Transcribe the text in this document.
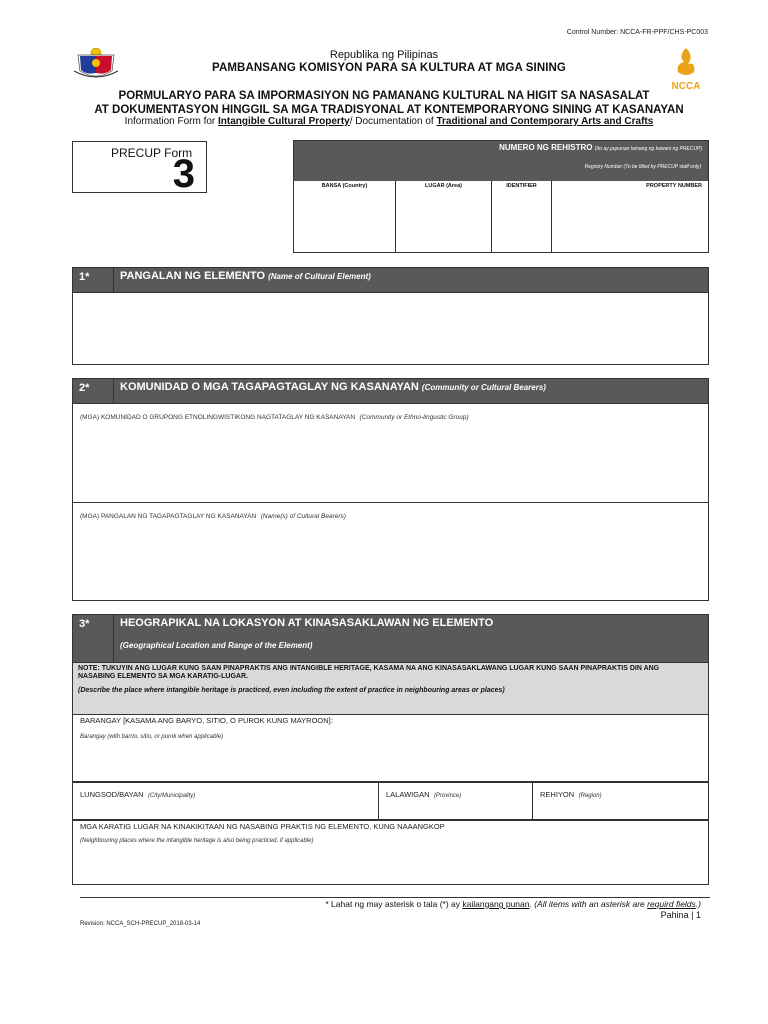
Control Number: NCCA-FR-PPF/CHS-PC003
Republika ng Pilipinas
PAMBANSANG KOMISYON PARA SA KULTURA AT MGA SINING
NCCA
PORMULARYO PARA SA IMPORMASIYON NG PAMANANG KULTURAL NA HIGIT SA NASASALAT
AT DOKUMENTASYON HINGGIL SA MGA TRADISYONAL AT KONTEMPORARYONG SINING AT KASANAYAN
Information Form for Intangible Cultural Property/ Documentation of Traditional and Contemporary Arts and Crafts
PRECUP Form
3
NUMERO NG REHISTRO (Ito ay pupunan lamang ng kawani ng PRECUP)
Registry Number (To be filled by PRECUP staff only)
BANSA (Country)	LUGAR (Area)	IDENTIFIER	PROPERTY NUMBER
1*	PANGALAN NG ELEMENTO (Name of Cultural Element)
2*	KOMUNIDAD O MGA TAGAPAGTAGLAY NG KASANAYAN (Community or Cultural Bearers)
(MGA) KOMUNIDAD O GRUPONG ETNOLINGWISTIKONG NAGTATAGLAY NG KASANAYAN (Community or Ethno-lingustic Group)
(MGA) PANGALAN NG TAGAPAGTAGLAY NG KASANAYAN (Name(s) of Cultural Bearers)
3*	HEOGRAPIKAL NA LOKASYON AT KINASASAKLAWAN NG ELEMENTO
(Geographical Location and Range of the Element)
NOTE: TUKUYIN ANG LUGAR KUNG SAAN PINAPRAKTIS ANG INTANGIBLE HERITAGE, KASAMA NA ANG KINASASAKLAWANG LUGAR KUNG SAAN PINAPRAKTIS DIN ANG
NASABING ELEMENTO SA MGA KARATIG-LUGAR.
(Describe the place where intangible heritage is practiced, even including the extent of practice in neighbouring areas or places)
BARANGAY [KASAMA ANG BARYO, SITIO, O PUROK KUNG MAYROON]:
Barangay (with barrio, sitio, or purok when applicable)
LUNGSOD/BAYAN (City/Municipality)	LALAWIGAN (Province)	REHIYON (Region)
MGA KARATIG LUGAR NA KINAKIKITAAN NG NASABING PRAKTIS NG ELEMENTO, KUNG NAAANGKOP
(Neighbouring places where the intangible heritage is also being practiced, if applicable)
* Lahat ng may asterisk o tala (*) ay kailangang punan. (All items with an asterisk are requird fields.)
Pahina | 1
Revision: NCCA_SCH-PRECUP_2018-03-14
